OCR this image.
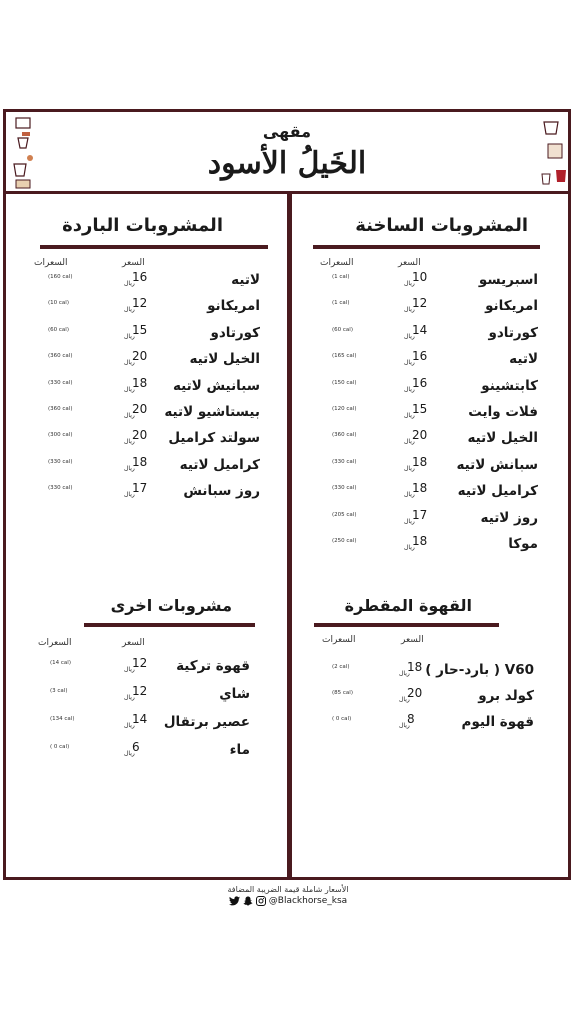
مقهى
الخَيلُ الأسود
المشروبات الساخنة
السعر
السعرات
اسبريسو
10
ريال
(1 cal)
امريكانو
12
ريال
(1 cal)
كورتادو
14
ريال
(60 cal)
لاتيه
16
ريال
(165 cal)
كابتشينو
16
ريال
(150 cal)
فلات وايت
15
ريال
(120 cal)
الخيل لاتيه
20
ريال
(360 cal)
سبانش لاتيه
18
ريال
(330 cal)
كراميل لاتيه
18
ريال
(330 cal)
روز لاتيه
17
ريال
(205 cal)
موكا
18
ريال
(250 cal)
المشروبات الباردة
السعر
السعرات
لاتيه
16
ريال
(160 cal)
امريكانو
12
ريال
(10 cal)
كورتادو
15
ريال
(60 cal)
الخيل لاتيه
20
ريال
(360 cal)
سبانيش لاتيه
18
ريال
(330 cal)
بيستاشيو لاتيه
20
ريال
(360 cal)
سولتد كراميل
20
ريال
(300 cal)
كراميل لاتيه
18
ريال
(330 cal)
روز سبانش
17
ريال
(330 cal)
القهوة المقطرة
السعر
السعرات
V60 ( بارد-حار )
18
ريال
(2 cal)
كولد برو
20
ريال
(85 cal)
قهوة اليوم
8
ريال
( 0 cal)
مشروبات اخرى
السعر
السعرات
قهوة تركية
12
ريال
(14 cal)
شاي
12
ريال
(3 cal)
عصير برتقال
14
ريال
(134 cal)
ماء
6
ريال
( 0 cal)
الأسعار شاملة قيمة الضريبة المضافة
@Blackhorse_ksa
